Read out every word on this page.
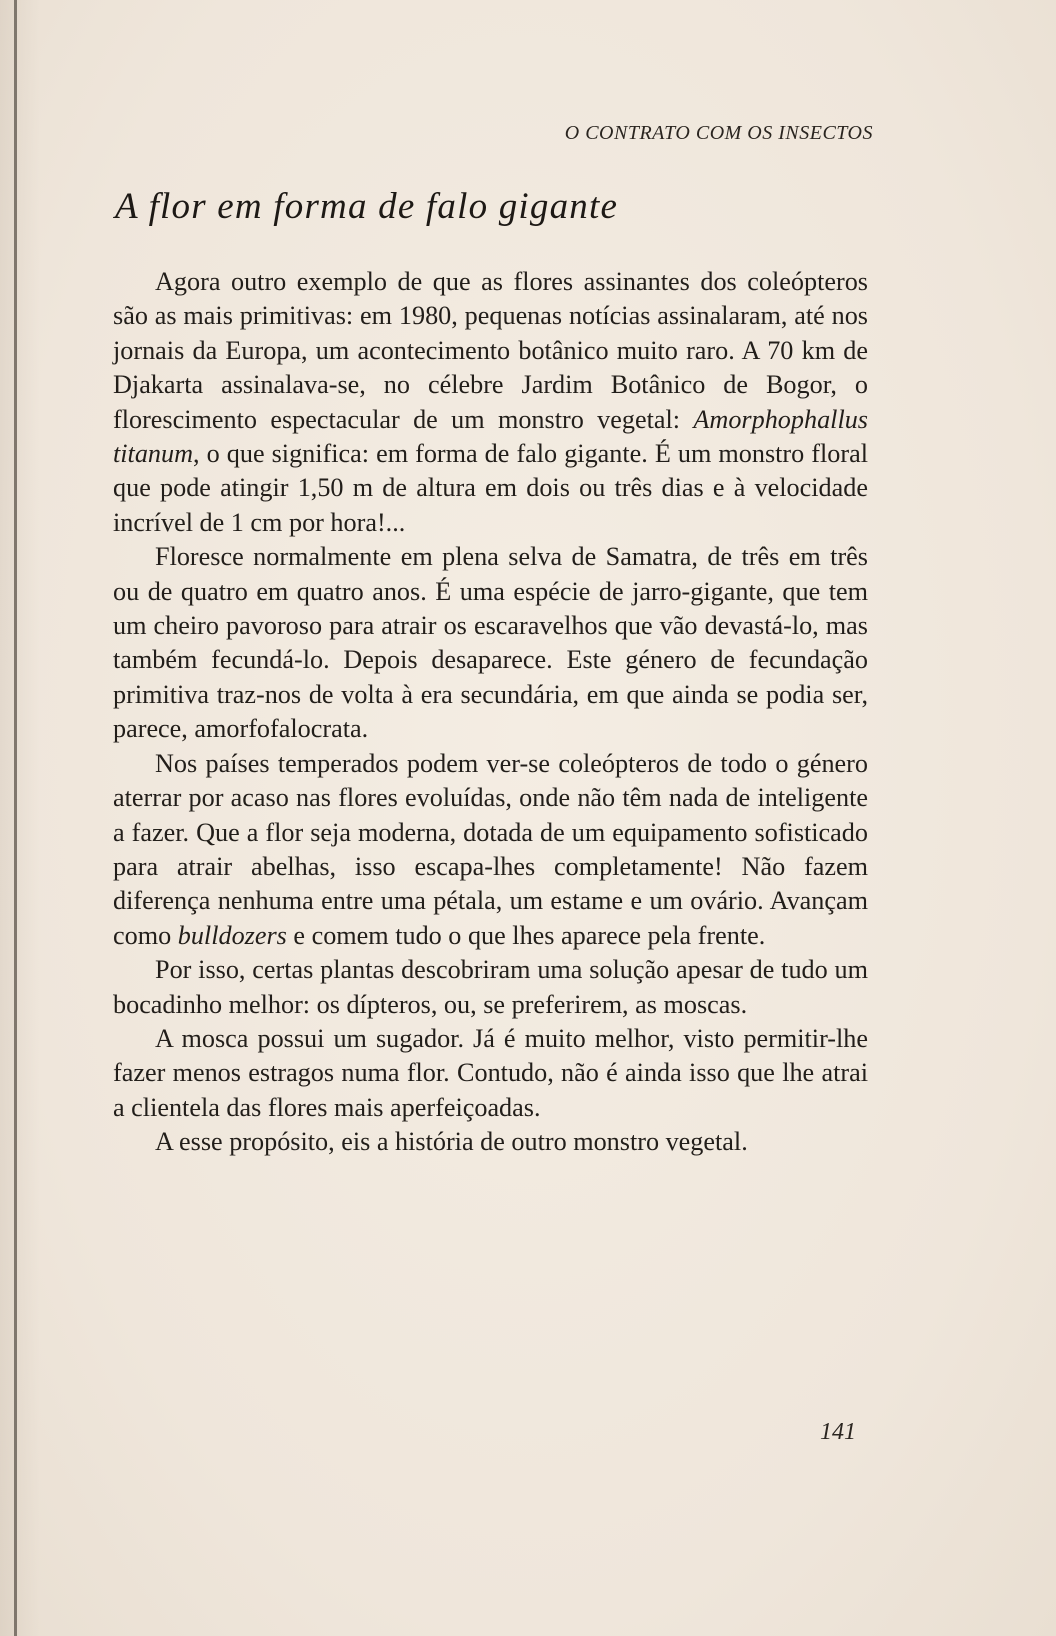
O CONTRATO COM OS INSECTOS
A flor em forma de falo gigante

Agora outro exemplo de que as flores assinantes dos coleópteros são as mais primitivas: em 1980, pequenas notícias assinalaram, até nos jornais da Europa, um acontecimento botânico muito raro. A 70 km de Djakarta assinalava-se, no célebre Jardim Botânico de Bogor, o florescimento espectacular de um monstro vegetal: Amorphophallus titanum, o que significa: em forma de falo gigante. É um monstro floral que pode atingir 1,50 m de altura em dois ou três dias e à velocidade incrível de 1 cm por hora!...

Floresce normalmente em plena selva de Samatra, de três em três ou de quatro em quatro anos. É uma espécie de jarro-gigante, que tem um cheiro pavoroso para atrair os escaravelhos que vão devastá-lo, mas também fecundá-lo. Depois desaparece. Este género de fecundação primitiva traz-nos de volta à era secundária, em que ainda se podia ser, parece, amorfofalocrata.

Nos países temperados podem ver-se coleópteros de todo o género aterrar por acaso nas flores evoluídas, onde não têm nada de inteligente a fazer. Que a flor seja moderna, dotada de um equipamento sofisticado para atrair abelhas, isso escapa-lhes completamente! Não fazem diferença nenhuma entre uma pétala, um estame e um ovário. Avançam como bulldozers e comem tudo o que lhes aparece pela frente.

Por isso, certas plantas descobriram uma solução apesar de tudo um bocadinho melhor: os dípteros, ou, se preferirem, as moscas.

A mosca possui um sugador. Já é muito melhor, visto permitir-lhe fazer menos estragos numa flor. Contudo, não é ainda isso que lhe atrai a clientela das flores mais aperfeiçoadas.

A esse propósito, eis a história de outro monstro vegetal.

141
